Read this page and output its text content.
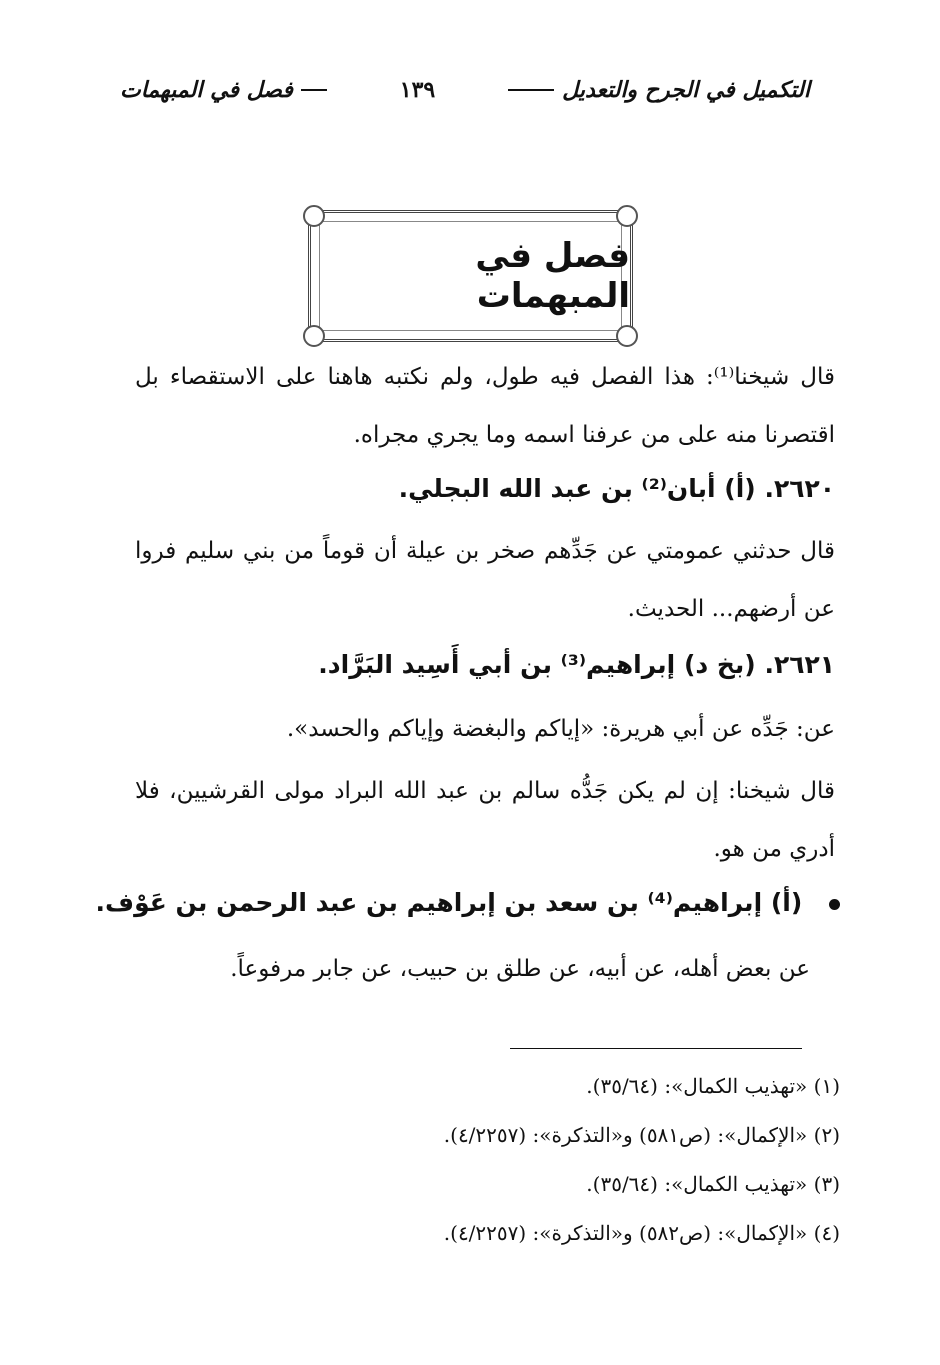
التكميل في الجرح والتعديل
١٣٩
فصل في المبهمات
فصل في المبهمات
قال شيخنا⁽¹⁾: هذا الفصل فيه طول، ولم نكتبه هاهنا على الاستقصاء بل اقتصرنا منه على من عرفنا اسمه وما يجري مجراه.
٢٦٢٠. (أ) أبان⁽²⁾ بن عبد الله البجلي.
قال حدثني عمومتي عن جَدِّهم صخر بن عيلة أن قوماً من بني سليم فروا عن أرضهم... الحديث.
٢٦٢١. (بخ د) إبراهيم⁽³⁾ بن أبي أَسِيد البَرَّاد.
عن: جَدِّه عن أبي هريرة: «إياكم والبغضة وإياكم والحسد».
قال شيخنا: إن لم يكن جَدُّه سالم بن عبد الله البراد مولى القرشيين، فلا أدري من هو.
(أ) إبراهيم⁽⁴⁾ بن سعد بن إبراهيم بن عبد الرحمن بن عَوْف.
عن بعض أهله، عن أبيه، عن طلق بن حبيب، عن جابر مرفوعاً.
(١) «تهذيب الكمال»: (٣٥/٦٤).
(٢) «الإكمال»: (ص٥٨١) و«التذكرة»: (٤/٢٢٥٧).
(٣) «تهذيب الكمال»: (٣٥/٦٤).
(٤) «الإكمال»: (ص٥٨٢) و«التذكرة»: (٤/٢٢٥٧).
